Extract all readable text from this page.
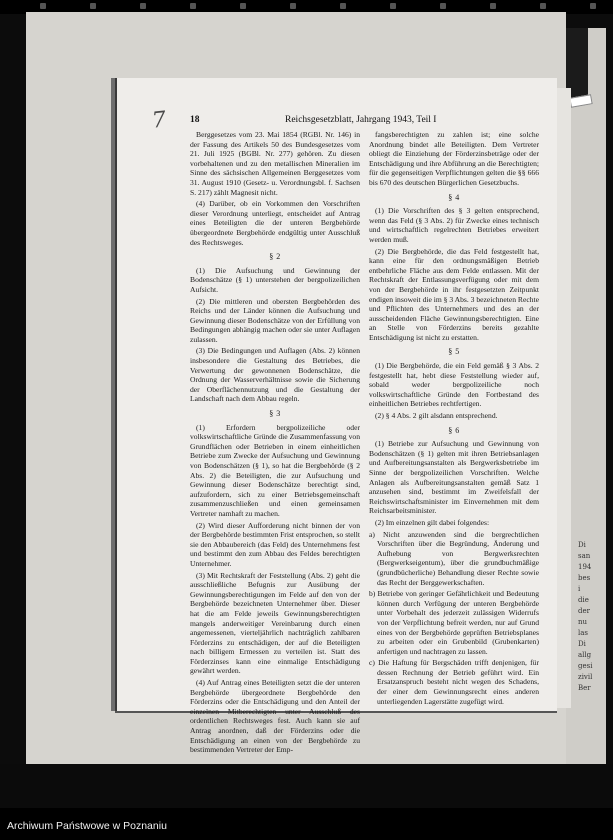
Di
san
194
bes
i
die
der
nu
las
Di
allg
gesi
zivil
Ber
7 18	Reichsgesetzblatt, Jahrgang 1943, Teil I

Berggesetzes vom 23. Mai 1854 (RGBl. Nr. 146) in der Fassung des Artikels 50 des Bundesgesetzes vom 21. Juli 1925 (BGBl. Nr. 277) gehören. Zu diesen vorbehaltenen und zu den metallischen Mineralien im Sinne des sächsischen Allgemeinen Berggesetzes vom 31. August 1910 (Gesetz- u. Verordnungsbl. f. Sachsen S. 217) zählt Magnesit nicht.

(4) Darüber, ob ein Vorkommen den Vorschriften dieser Verordnung unterliegt, entscheidet auf Antrag eines Beteiligten die der unteren Bergbehörde übergeordnete Bergbehörde endgültig unter Ausschluß des Rechtsweges.

§ 2

(1) Die Aufsuchung und Gewinnung der Bodenschätze (§ 1) unterstehen der bergpolizeilichen Aufsicht.

(2) Die mittleren und obersten Bergbehörden des Reichs und der Länder können die Aufsuchung und Gewinnung dieser Bodenschätze von der Erfüllung von Bedingungen abhängig machen oder sie unter Auflagen zulassen.

(3) Die Bedingungen und Auflagen (Abs. 2) können insbesondere die Gestaltung des Betriebes, die Verwertung der gewonnenen Bodenschätze, die Ordnung der Wasserverhältnisse sowie die Sicherung der Oberflächennutzung und die Gestaltung der Landschaft nach dem Abbau regeln.

§ 3

(1) Erfordern bergpolizeiliche oder volkswirtschaftliche Gründe die Zusammenfassung von Grundflächen oder Betrieben in einem einheitlichen Betriebe zum Zwecke der Aufsuchung und Gewinnung von Bodenschätzen (§ 1), so hat die Bergbehörde (§ 2 Abs. 2) die Beteiligten, die zur Aufsuchung und Gewinnung dieser Bodenschätze berechtigt sind, aufzufordern, sich zu einer Betriebsgemeinschaft zusammenzuschließen und einen gemeinsamen Vertreter namhaft zu machen.

(2) Wird dieser Aufforderung nicht binnen der von der Bergbehörde bestimmten Frist entsprochen, so stellt sie den Abbaubereich (das Feld) des Unternehmens fest und bestimmt den zum Abbau des Feldes berechtigten Unternehmer.

(3) Mit Rechtskraft der Feststellung (Abs. 2) geht die ausschließliche Befugnis zur Ausübung der Gewinnungsberechtigungen im Felde auf den von der Bergbehörde bezeichneten Unternehmer über. Dieser hat die am Felde jeweils Gewinnungsberechtigten mangels anderweitiger Vereinbarung durch einen angemessenen, vierteljährlich nachträglich zahlbaren Förderzins zu entschädigen, der auf die Beteiligten nach billigem Ermessen zu verteilen ist. Statt des Förderzinses kann eine einmalige Entschädigung gewährt werden.

(4) Auf Antrag eines Beteiligten setzt die der unteren Bergbehörde übergeordnete Bergbehörde den Förderzins oder die Entschädigung und den Anteil der einzelnen Mitberechtigten unter Ausschluß des ordentlichen Rechtsweges fest. Auch kann sie auf Antrag anordnen, daß der Förderzins oder die Entschädigung an einen von der Bergbehörde zu bestimmenden Vertreter der Emp-

fangsberechtigten zu zahlen ist; eine solche Anordnung bindet alle Beteiligten. Dem Vertreter obliegt die Einziehung der Förderzinsbeträge oder der Entschädigung und ihre Abführung an die Berechtigten; für die gegenseitigen Verpflichtungen gelten die §§ 666 bis 670 des deutschen Bürgerlichen Gesetzbuchs.

§ 4

(1) Die Vorschriften des § 3 gelten entsprechend, wenn das Feld (§ 3 Abs. 2) für Zwecke eines technisch und wirtschaftlich regelrechten Betriebes erweitert werden muß.

(2) Die Bergbehörde, die das Feld festgestellt hat, kann eine für den ordnungsmäßigen Betrieb entbehrliche Fläche aus dem Felde entlassen. Mit der Rechtskraft der Entlassungsverfügung oder mit dem von der Bergbehörde in ihr festgesetzten Zeitpunkt endigen insoweit die im § 3 Abs. 3 bezeichneten Rechte und Pflichten des Unternehmers und des an der ausscheidenden Fläche Gewinnungsberechtigten. Eine an Stelle von Förderzins bereits gezahlte Entschädigung ist nicht zu erstatten.

§ 5

(1) Die Bergbehörde, die ein Feld gemäß § 3 Abs. 2 festgestellt hat, hebt diese Feststellung wieder auf, sobald weder bergpolizeiliche noch volkswirtschaftliche Gründe den Fortbestand des einheitlichen Betriebes rechtfertigen.

(2) § 4 Abs. 2 gilt alsdann entsprechend.

§ 6

(1) Betriebe zur Aufsuchung und Gewinnung von Bodenschätzen (§ 1) gelten mit ihren Betriebsanlagen und Aufbereitungsanstalten als Bergwerksbetriebe im Sinne der bergpolizeilichen Vorschriften. Welche Anlagen als Aufbereitungsanstalten gemäß Satz 1 anzusehen sind, bestimmt im Zweifelsfall der Reichswirtschaftsminister im Einvernehmen mit dem Reichsarbeitsminister.

(2) Im einzelnen gilt dabei folgendes:

a) Nicht anzuwenden sind die bergrechtlichen Vorschriften über die Begründung, Änderung und Aufhebung von Bergwerksrechten (Bergwerkseigentum), über die grundbuchmäßige (grundbücherliche) Behandlung dieser Rechte sowie das Recht der Berggewerkschaften.

b) Betriebe von geringer Gefährlichkeit und Bedeutung können durch Verfügung der unteren Bergbehörde unter Vorbehalt des jederzeit zulässigen Widerrufs von der Verpflichtung befreit werden, nur auf Grund eines von der Bergbehörde geprüften Betriebsplanes zu arbeiten oder ein Grubenbild (Grubenkarten) anfertigen und nachtragen zu lassen.

c) Die Haftung für Bergschäden trifft denjenigen, für dessen Rechnung der Betrieb geführt wird. Ein Ersatzanspruch besteht nicht wegen des Schadens, der einer dem Gewinnungsrecht eines anderen unterliegenden Lagerstätte zugefügt wird.

Archiwum Państwowe w Poznaniu
